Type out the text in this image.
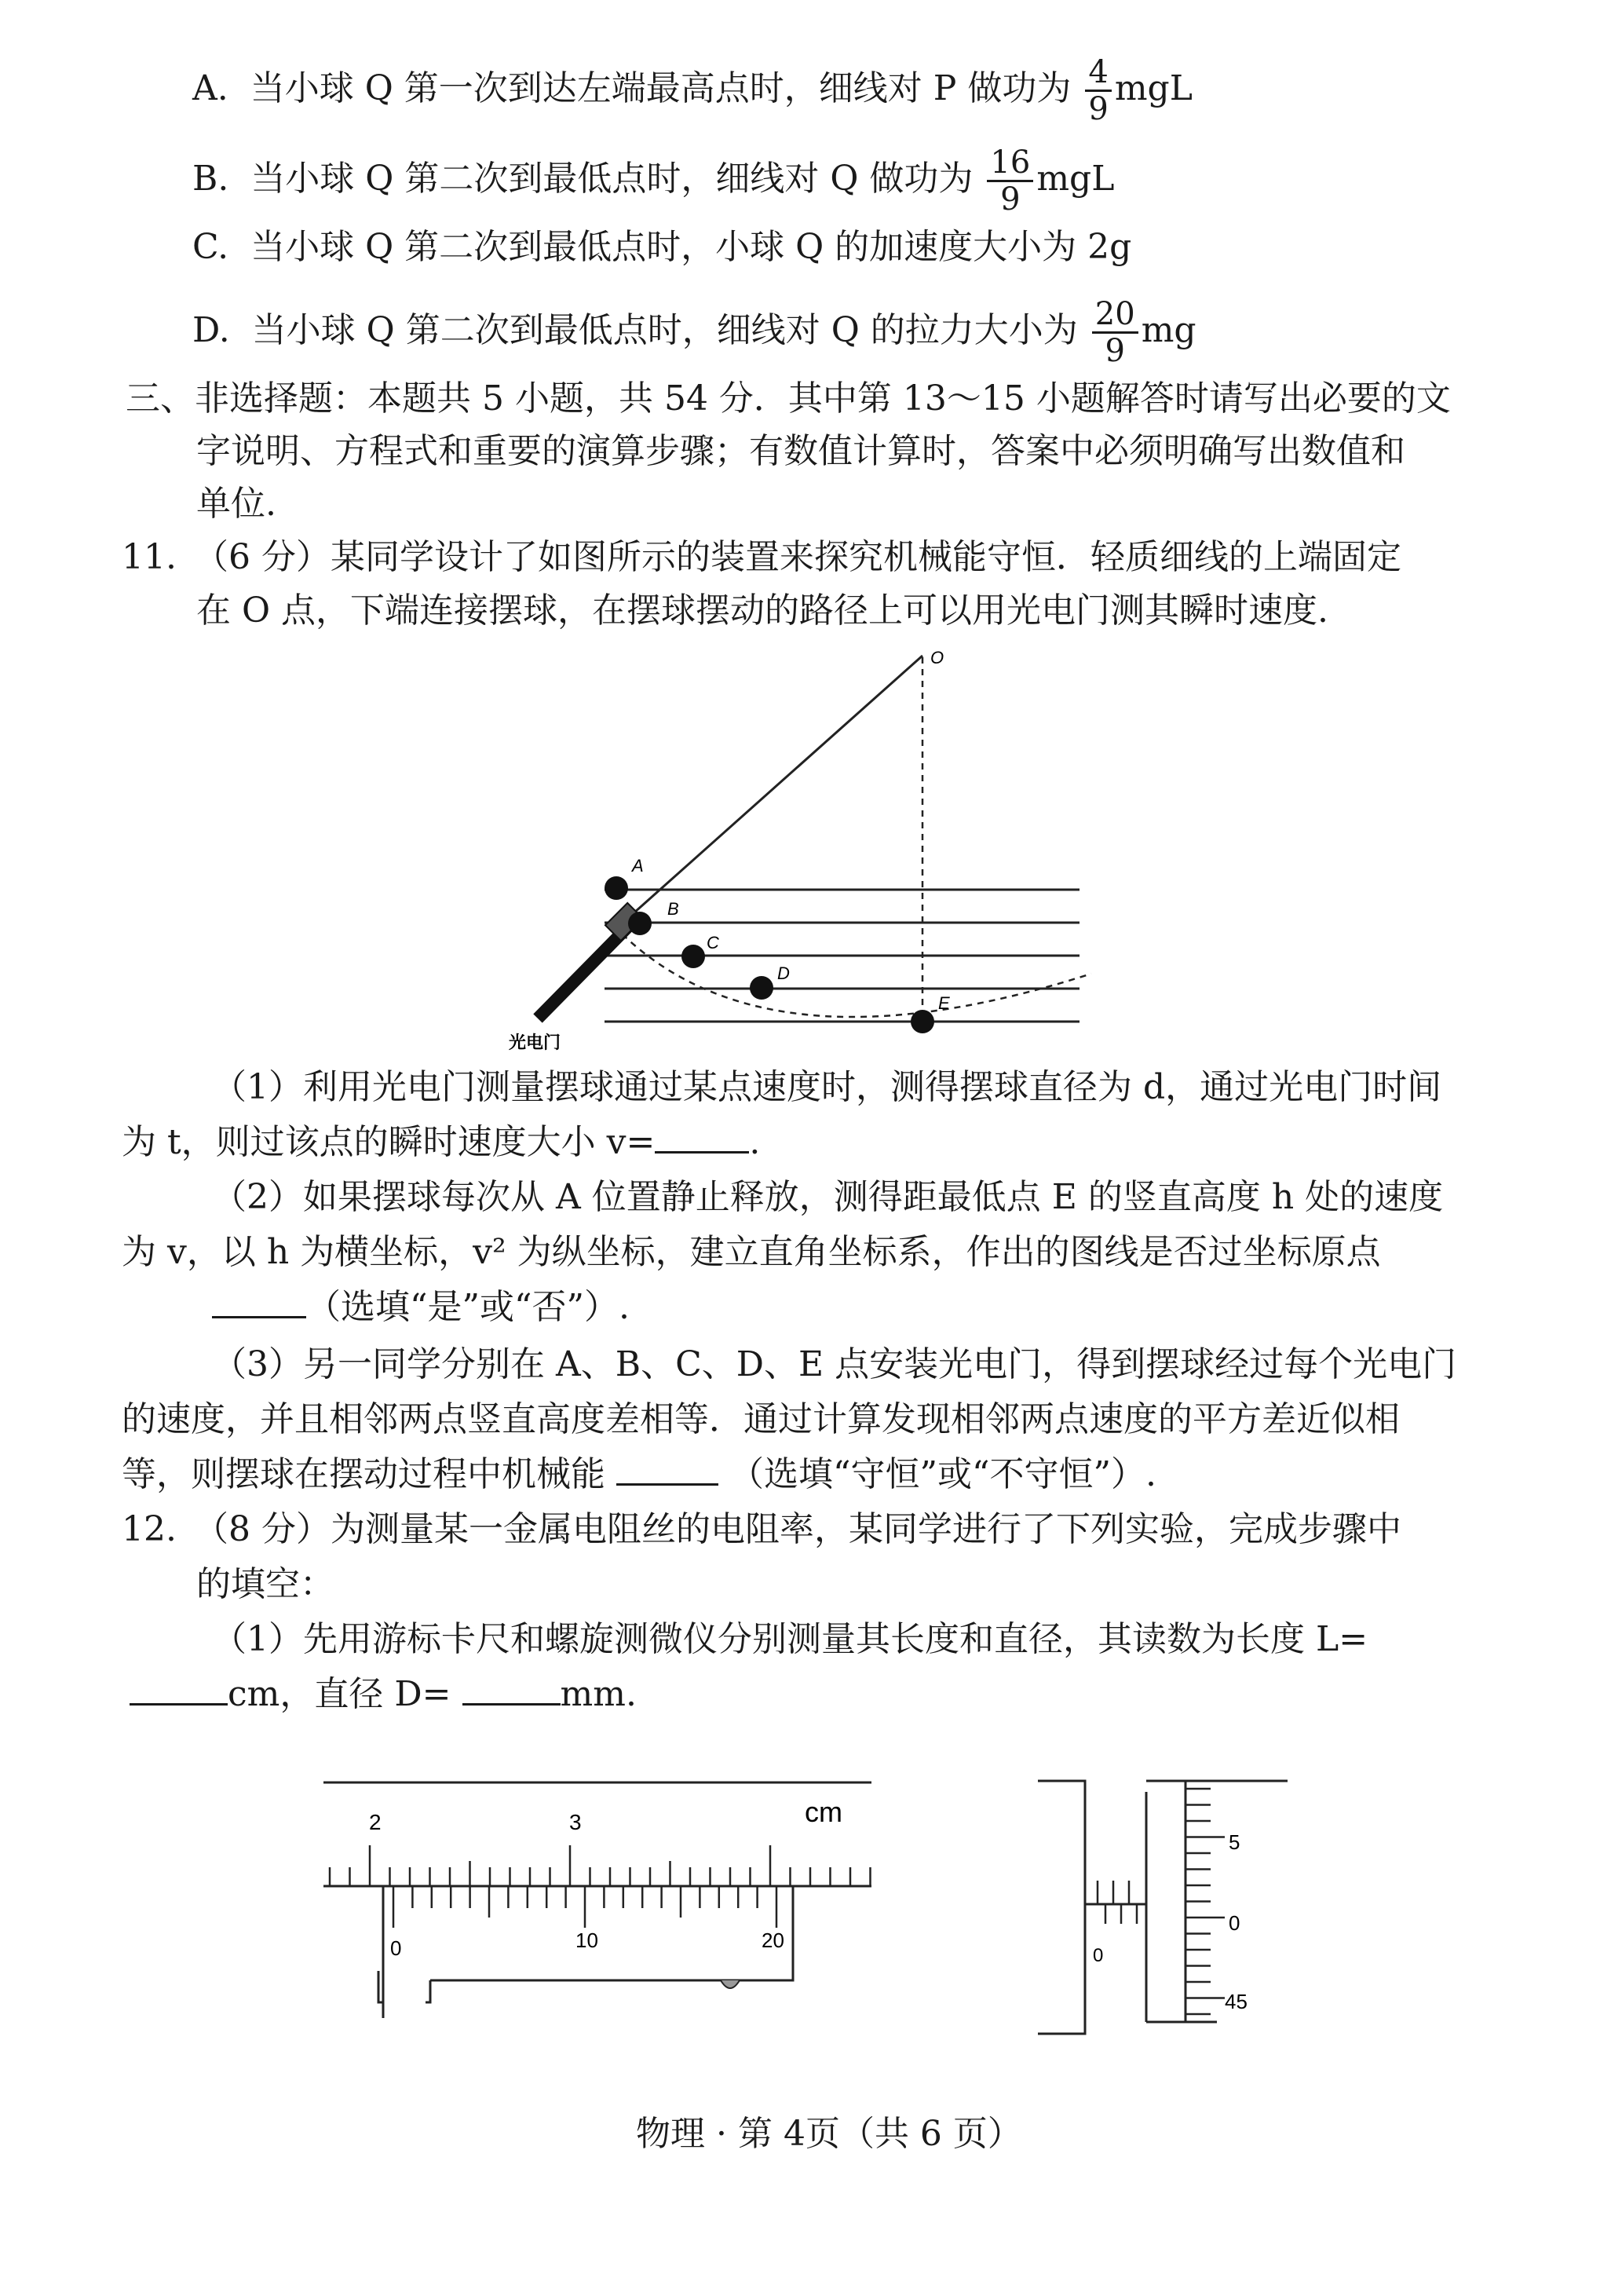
A. 当小球 Q 第一次到达左端最高点时，细线对 P 做功为 $\frac{4}{9}$ mgL
B. 当小球 Q 第二次到最低点时，细线对 Q 做功为 $\frac{16}{9}$ mgL
C. 当小球 Q 第二次到最低点时，小球 Q 的加速度大小为 2g
D. 当小球 Q 第二次到最低点时，细线对 Q 的拉力大小为 $\frac{20}{9}$ mg
三、非选择题：本题共 5 小题，共 54 分．其中第 13～15 小题解答时请写出必要的文
字说明、方程式和重要的演算步骤；有数值计算时，答案中必须明确写出数值和
单位.
11.　（6 分）某同学设计了如图所示的装置来探究机械能守恒．轻质细线的上端固定
在 O 点，下端连接摆球，在摆球摆动的路径上可以用光电门测其瞬时速度.
O
A
B
C
D
E
光电门
（1）利用光电门测量摆球通过某点速度时，测得摆球直径为 d，通过光电门时间
为 t，则过该点的瞬时速度大小 v=	.
（2）如果摆球每次从 A 位置静止释放，测得距最低点 E 的竖直高度 h 处的速度
为 v，以 h 为横坐标，v² 为纵坐标，建立直角坐标系，作出的图线是否过坐标原点
（选填“是”或“否”）.
（3）另一同学分别在 A、B、C、D、E 点安装光电门，得到摆球经过每个光电门
的速度，并且相邻两点竖直高度差相等．通过计算发现相邻两点速度的平方差近似相
等，则摆球在摆动过程中机械能	（选填“守恒”或“不守恒”）.
12.　（8 分）为测量某一金属电阻丝的电阻率，某同学进行了下列实验，完成步骤中
的填空：
（1）先用游标卡尺和螺旋测微仪分别测量其长度和直径，其读数为长度 L=
cm，直径 D=	mm.
2	3	cm
0	10	20
0
5
0
45
物理 · 第 4页（共 6 页）
